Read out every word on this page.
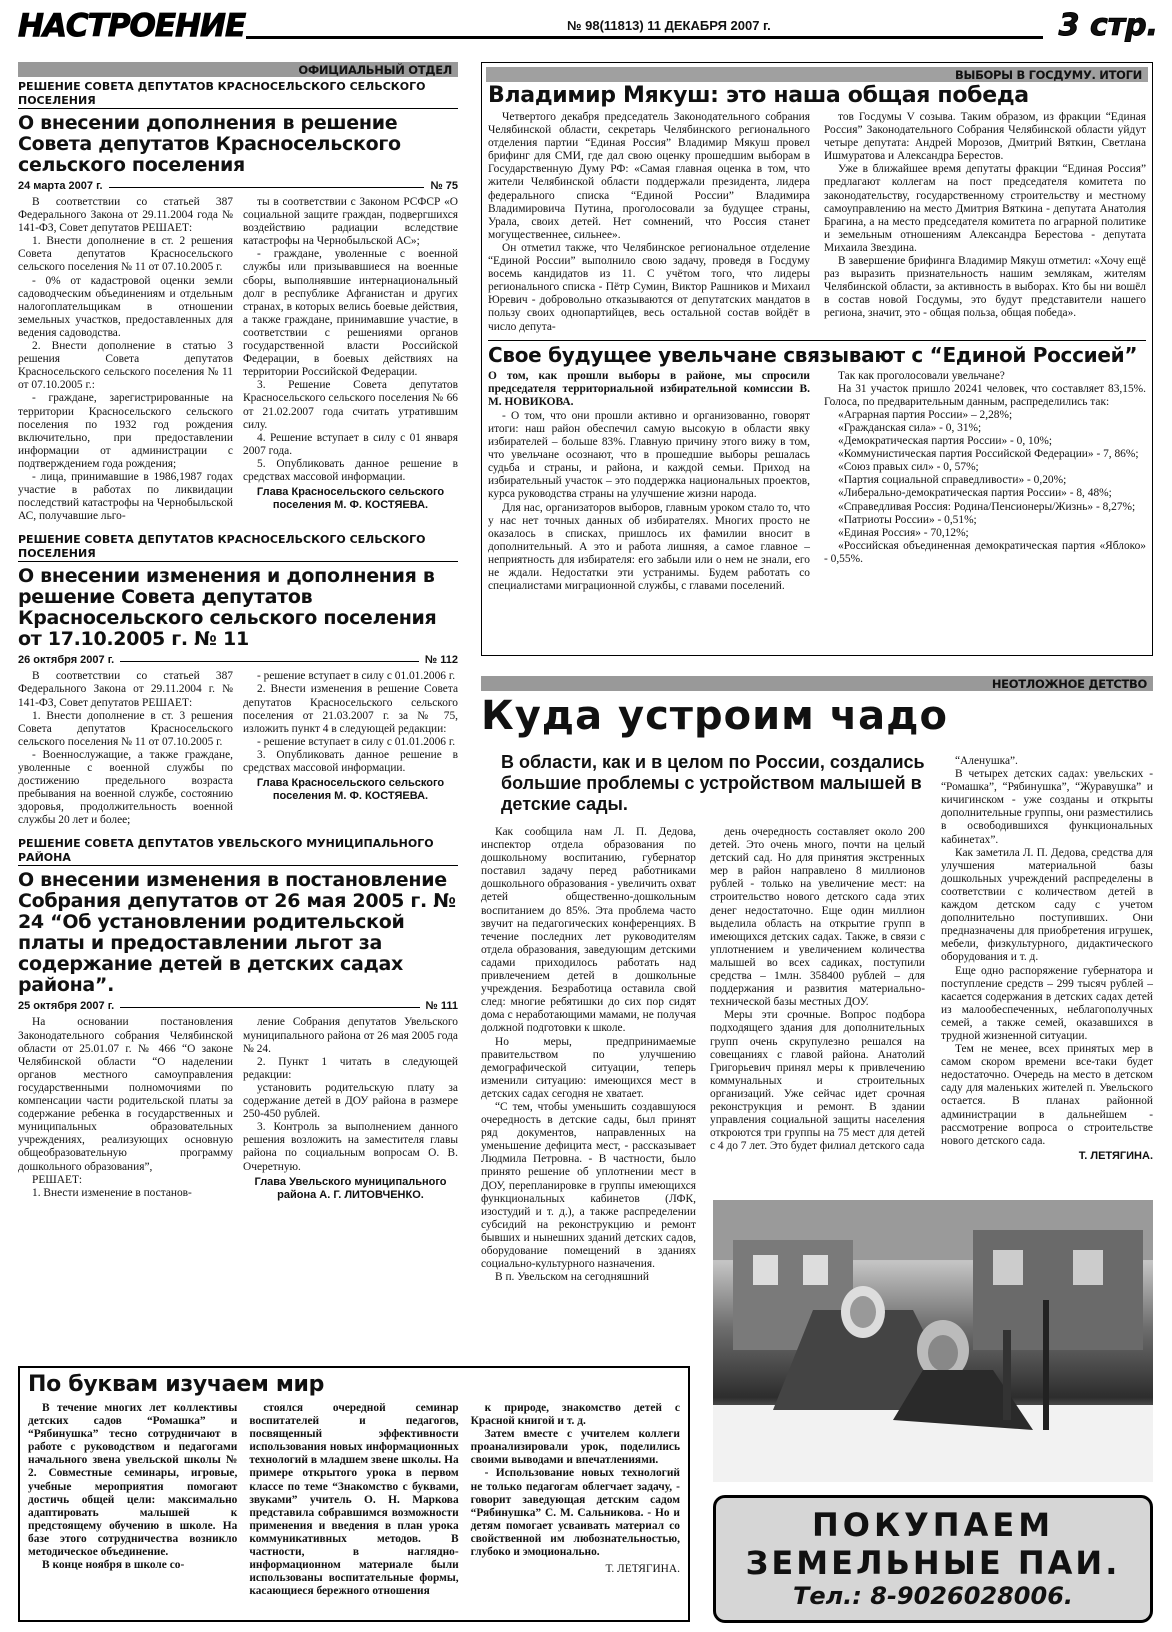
НАСТРОЕНИЕ	№ 98(11813) 11 ДЕКАБРЯ 2007 г.	3 стр.
ОФИЦИАЛЬНЫЙ ОТДЕЛ
РЕШЕНИЕ СОВЕТА ДЕПУТАТОВ КРАСНОСЕЛЬСКОГО СЕЛЬСКОГО ПОСЕЛЕНИЯ
О внесении дополнения в решение Совета депутатов Красносельского сельского поселения
24 марта 2007 г.	№ 75

В соответствии со статьей 387 Федерального Закона от 29.11.2004 года № 141-ФЗ, Совет депутатов РЕШАЕТ:

1. Внести дополнение в ст. 2 решения Совета депутатов Красносельского сельского поселения № 11 от 07.10.2005 г.

- 0% от кадастровой оценки земли садоводческим объединениям и отдельным налогоплательщикам в отношении земельных участков, предоставленных для ведения садоводства.

2. Внести дополнение в статью 3 решения Совета депутатов Красносельского сельского поселения № 11 от 07.10.2005 г.:

- граждане, зарегистрированные на территории Красносельского сельского поселения по 1932 год рождения включительно, при предоставлении информации от администрации с подтверждением года рождения;

- лица, принимавшие в 1986,1987 годах участие в работах по ликвидации последствий катастрофы на Чернобыльской АС, получавшие льго-

ты в соответствии с Законом РСФСР «О социальной защите граждан, подвергшихся воздействию радиации вследствие катастрофы на Чернобыльской АС»;

- граждане, уволенные с военной службы или призывавшиеся на военные сборы, выполнявшие интернациональный долг в республике Афганистан и других странах, в которых велись боевые действия, а также граждане, принимавшие участие, в соответствии с решениями органов государственной власти Российской Федерации, в боевых действиях на территории Российской Федерации.

3. Решение Совета депутатов Красносельского сельского поселения № 66 от 21.02.2007 года считать утратившим силу.

4. Решение вступает в силу с 01 января 2007 года.

5. Опубликовать данное решение в средствах массовой информации.

Глава Красносельского сельского поселения М. Ф. КОСТЯЕВА.
РЕШЕНИЕ СОВЕТА ДЕПУТАТОВ КРАСНОСЕЛЬСКОГО СЕЛЬСКОГО ПОСЕЛЕНИЯ
О внесении изменения и дополнения в решение Совета депутатов Красносельского сельского поселения от 17.10.2005 г. № 11
26 октября 2007 г.	№ 112

В соответствии со статьей 387 Федерального Закона от 29.11.2004 г. № 141-ФЗ, Совет депутатов РЕШАЕТ:

1. Внести дополнение в ст. 3 решения Совета депутатов Красносельского сельского поселения № 11 от 07.10.2005 г.

- Военнослужащие, а также граждане, уволенные с военной службы по достижению предельного возраста пребывания на военной службе, состоянию здоровья, продолжительность военной службы 20 лет и более;

- решение вступает в силу с 01.01.2006 г.

2. Внести изменения в решение Совета депутатов Красносельского сельского поселения от 21.03.2007 г. за № 75, изложить пункт 4 в следующей редакции:

- решение вступает в силу с 01.01.2006 г.

3. Опубликовать данное решение в средствах массовой информации.

Глава Красносельского сельского поселения М. Ф. КОСТЯЕВА.
РЕШЕНИЕ СОВЕТА ДЕПУТАТОВ УВЕЛЬСКОГО МУНИЦИПАЛЬНОГО РАЙОНА
О внесении изменения в постановление Собрания депутатов от 26 мая 2005 г. № 24 “Об установлении родительской платы и предоставлении льгот за содержание детей в детских садах района”.
25 октября 2007 г.	№ 111

На основании постановления Законодательного собрания Челябинской области от 25.01.07 г. № 466 “О законе Челябинской области “О наделении органов местного самоуправления государственными полномочиями по компенсации части родительской платы за содержание ребенка в государственных и муниципальных образовательных учреждениях, реализующих основную общеобразовательную программу дошкольного образования”,

РЕШАЕТ:

1. Внести изменение в постанов-

ление Собрания депутатов Увельского муниципального района от 26 мая 2005 года № 24.

2. Пункт 1 читать в следующей редакции:

установить родительскую плату за содержание детей в ДОУ района в размере 250-450 рублей.

3. Контроль за выполнением данного решения возложить на заместителя главы района по социальным вопросам О. В. Очеретную.

Глава Увельского муниципального района А. Г. ЛИТОВЧЕНКО.
ВЫБОРЫ В ГОСДУМУ. ИТОГИ
Владимир Мякуш: это наша общая победа

Четвертого декабря председатель Законодательного собрания Челябинской области, секретарь Челябинского регионального отделения партии “Единая Россия” Владимир Мякуш провел брифинг для СМИ, где дал свою оценку прошедшим выборам в Государственную Думу РФ: «Самая главная оценка в том, что жители Челябинской области поддержали президента, лидера федерального списка “Единой России” Владимира Владимировича Путина, проголосовали за будущее страны, Урала, своих детей. Нет сомнений, что Россия станет могущественнее, сильнее».

Он отметил также, что Челябинское региональное отделение “Единой России” выполнило свою задачу, проведя в Госдуму восемь кандидатов из 11. С учётом того, что лидеры регионального списка - Пётр Сумин, Виктор Рашников и Михаил Юревич - добровольно отказываются от депутатских мандатов в пользу своих однопартийцев, весь остальной состав войдёт в число депута-

тов Госдумы V созыва. Таким образом, из фракции “Единая Россия” Законодательного Собрания Челябинской области уйдут четыре депутата: Андрей Морозов, Дмитрий Вяткин, Светлана Ишмуратова и Александра Берестов.

Уже в ближайшее время депутаты фракции “Единая Россия” предлагают коллегам на пост председателя комитета по законодательству, государственному строительству и местному самоуправлению на место Дмитрия Вяткина - депутата Анатолия Брагина, а на место председателя комитета по аграрной политике и земельным отношениям Александра Берестова - депутата Михаила Звездина.

В завершение брифинга Владимир Мякуш отметил: «Хочу ещё раз выразить признательность нашим землякам, жителям Челябинской области, за активность в выборах. Кто бы ни вошёл в состав новой Госдумы, это будут представители нашего региона, значит, это - общая польза, общая победа».

Свое будущее увельчане связывают с “Единой Россией”
О том, как прошли выборы в районе, мы спросили председателя территориальной избирательной комиссии В. М. НОВИКОВА.

- О том, что они прошли активно и организованно, говорят итоги: наш район обеспечил самую высокую в области явку избирателей – больше 83%. Главную причину этого вижу в том, что увельчане осознают, что в прошедшие выборы решалась судьба и страны, и района, и каждой семьи. Приход на избирательный участок – это поддержка национальных проектов, курса руководства страны на улучшение жизни народа.

Для нас, организаторов выборов, главным уроком стало то, что у нас нет точных данных об избирателях. Многих просто не оказалось в списках, пришлось их фамилии вносит в дополнительный. А это и работа лишняя, а самое главное – неприятность для избирателя: его забыли или о нем не знали, его не ждали. Недостатки эти устранимы. Будем работать со специалистами миграционной службы, с главами поселений.

Так как проголосовали увельчане?
На 31 участок пришло 20241 человек, что составляет 83,15%. Голоса, по предварительным данным, распределились так:
«Аграрная партия России» – 2,28%;
«Гражданская сила» - 0, 31%;
«Демократическая партия России» - 0, 10%;
«Коммунистическая партия Российской Федерации» - 7, 86%;
«Союз правых сил» - 0, 57%;
«Партия социальной справедливости» - 0,20%;
«Либерально-демократическая партия России» - 8, 48%;
«Справедливая Россия: Родина/Пенсионеры/Жизнь» - 8,27%;
«Патриоты России» - 0,51%;
«Единая Россия» - 70,12%;
«Российская объединенная демократическая партия «Яблоко» - 0,55%.
НЕОТЛОЖНОЕ ДЕТСТВО
Куда устроим чадо
В области, как и в целом по России, создались большие проблемы с устройством малышей в детские сады.

Как сообщила нам Л. П. Дедова, инспектор отдела образования по дошкольному воспитанию, губернатор поставил задачу перед работниками дошкольного образования - увеличить охват детей общественно-дошкольным воспитанием до 85%. Эта проблема часто звучит на педагогических конференциях. В течение последних лет руководителям отдела образования, заведующим детскими садами приходилось работать над привлечением детей в дошкольные учреждения. Безработица оставила свой след: многие ребятишки до сих пор сидят дома с неработающими мамами, не получая должной подготовки к школе.

Но меры, предпринимаемые правительством по улучшению демографической ситуации, теперь изменили ситуацию: имеющихся мест в детских садах сегодня не хватает.

“С тем, чтобы уменьшить создавшуюся очередность в детские сады, был принят ряд документов, направленных на уменьшение дефицита мест, - рассказывает Людмила Петровна. - В частности, было принято решение об уплотнении мест в ДОУ, перепланировке в группы имеющихся функциональных кабинетов (ЛФК, изостудий и т. д.), а также распределении субсидий на реконструкцию и ремонт бывших и нынешних зданий детских садов, оборудование помещений в зданиях социально-культурного назначения.

В п. Увельском на сегодняшний

день очередность составляет около 200 детей. Это очень много, почти на целый детский сад. Но для принятия экстренных мер в район направлено 8 миллионов рублей - только на увеличение мест: на строительство нового детского сада этих денег недостаточно. Еще один миллион выделила область на открытие групп в имеющихся детских садах. Также, в связи с уплотнением и увеличением количества малышей во всех садиках, поступили средства – 1млн. 358400 рублей – для поддержания и развития материально-технической базы местных ДОУ.

Меры эти срочные. Вопрос подбора подходящего здания для дополнительных групп очень скрупулезно решался на совещаниях с главой района. Анатолий Григорьевич принял меры к привлечению коммунальных и строительных организаций. Уже сейчас идет срочная реконструкция и ремонт. В здании управления социальной защиты населения откроются три группы на 75 мест для детей с 4 до 7 лет. Это будет филиал детского сада

“Аленушка”.

В четырех детских садах: увельских - “Ромашка”, “Рябинушка”, “Журавушка” и кичигинском - уже созданы и открыты дополнительные группы, они разместились в освободившихся функциональных кабинетах”.

Как заметила Л. П. Дедова, средства для улучшения материальной базы дошкольных учреждений распределены в соответствии с количеством детей в каждом детском саду с учетом дополнительно поступивших. Они предназначены для приобретения игрушек, мебели, физкультурного, дидактического оборудования и т. д.

Еще одно распоряжение губернатора и поступление средств – 299 тысяч рублей – касается содержания в детских садах детей из малообеспеченных, неблагополучных семей, а также семей, оказавшихся в трудной жизненной ситуации.

Тем не менее, всех принятых мер в самом скором времени все-таки будет недостаточно. Очередь на место в детском саду для маленьких жителей п. Увельского остается. В планах районной администрации в дальнейшем - рассмотрение вопроса о строительстве нового детского сада.

Т. ЛЕТЯГИНА.
По буквам изучаем мир

В течение многих лет коллективы детских садов “Ромашка” и “Рябинушка” тесно сотрудничают в работе с руководством и педагогами начального звена увельской школы № 2. Совместные семинары, игровые, учебные мероприятия помогают достичь общей цели: максимально адаптировать малышей к предстоящему обучению в школе. На базе этого сотрудничества возникло методическое объединение.

В конце ноября в школе со-

стоялся очередной семинар воспитателей и педагогов, посвященный эффективности использования новых информационных технологий в младшем звене школы. На примере открытого урока в первом классе по теме “Знакомство с буквами, звуками” учитель О. Н. Маркова представила собравшимся возможности применения и введения в план урока коммуникативных методов. В частности, в наглядно-информационном материале были использованы воспитательные формы, касающиеся бережного отношения

к природе, знакомство детей с Красной книгой и т. д.

Затем вместе с учителем коллеги проанализировали урок, поделились своими выводами и впечатлениями.

- Использование новых технологий не только педагогам облегчает задачу, - говорит заведующая детским садом “Рябинушка” С. М. Сальникова. - Но и детям помогает усваивать материал со свойственной им любознательностью, глубоко и эмоционально.

Т. ЛЕТЯГИНА.
ПОКУПАЕМ
ЗЕМЕЛЬНЫЕ ПАИ.
Тел.: 8-9026028006.
